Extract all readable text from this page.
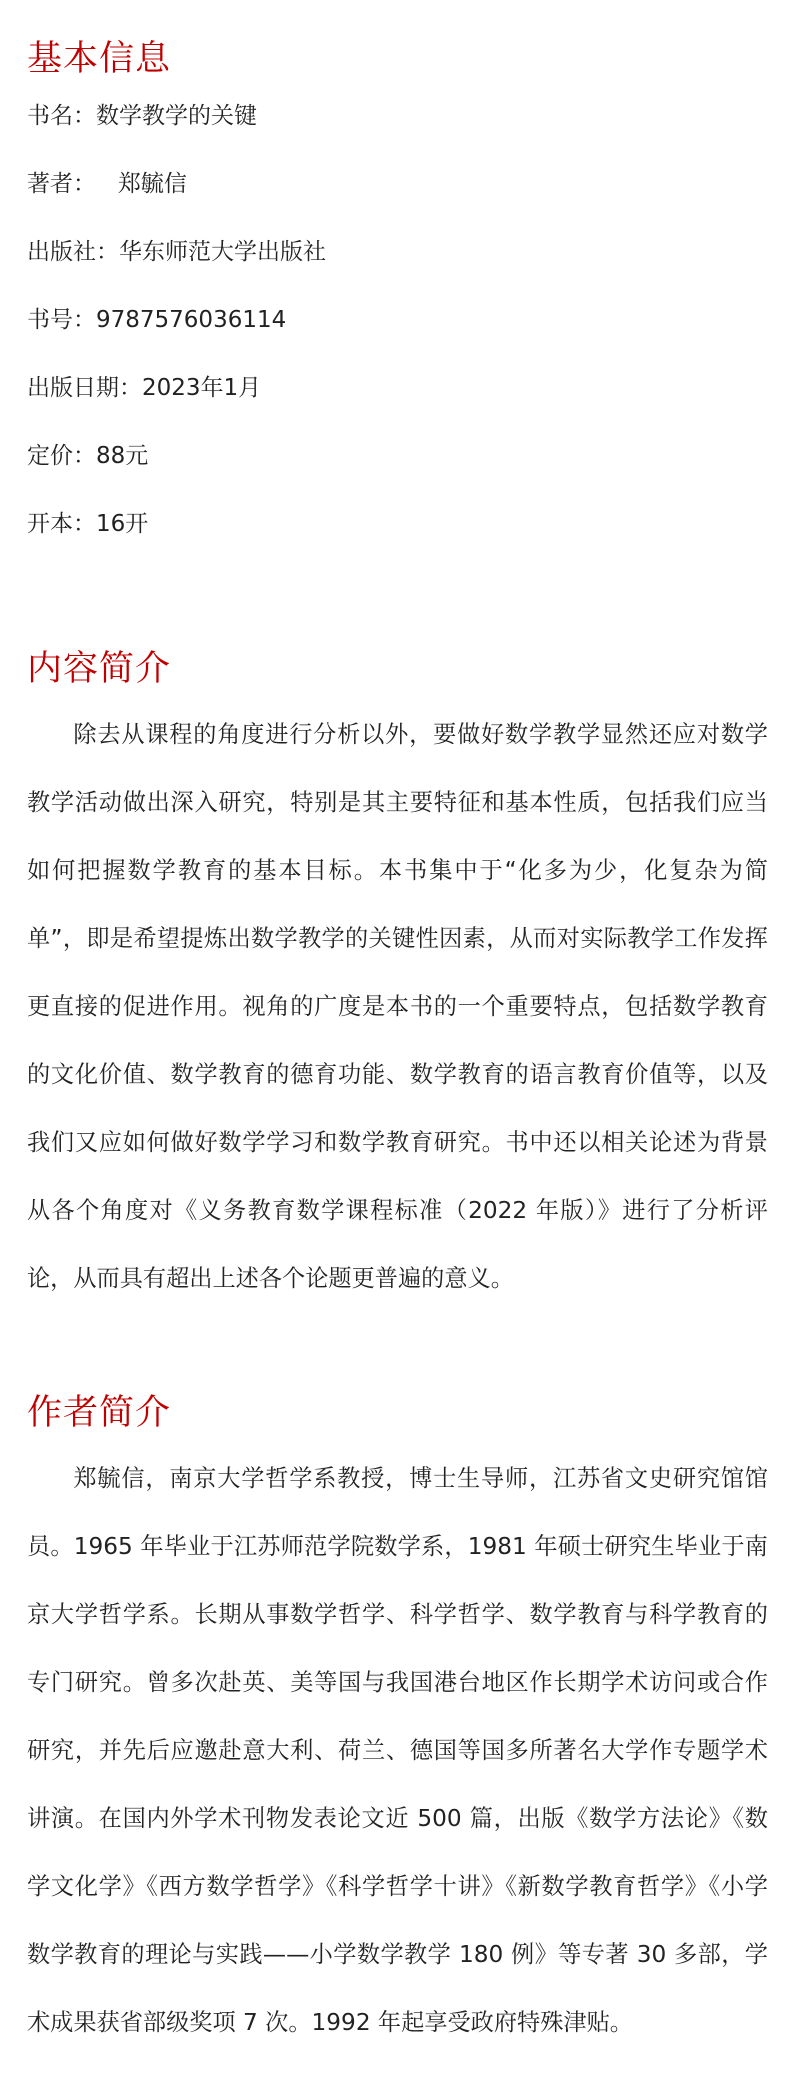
基本信息

书名：数学教学的关键

著者：   郑毓信

出版社：华东师范大学出版社

书号：9787576036114

出版日期：2023年1月

定价：88元

开本：16开

内容简介

除去从课程的角度进行分析以外，要做好数学教学显然还应对数学教学活动做出深入研究，特别是其主要特征和基本性质，包括我们应当如何把握数学教育的基本目标。本书集中于“化多为少，化复杂为简单”，即是希望提炼出数学教学的关键性因素，从而对实际教学工作发挥更直接的促进作用。视角的广度是本书的一个重要特点，包括数学教育的文化价值、数学教育的德育功能、数学教育的语言教育价值等，以及我们又应如何做好数学学习和数学教育研究。书中还以相关论述为背景从各个角度对《义务教育数学课程标准（2022 年版）》进行了分析评论，从而具有超出上述各个论题更普遍的意义。

作者简介

郑毓信，南京大学哲学系教授，博士生导师，江苏省文史研究馆馆员。1965 年毕业于江苏师范学院数学系，1981 年硕士研究生毕业于南京大学哲学系。长期从事数学哲学、科学哲学、数学教育与科学教育的专门研究。曾多次赴英、美等国与我国港台地区作长期学术访问或合作研究，并先后应邀赴意大利、荷兰、德国等国多所著名大学作专题学术讲演。在国内外学术刊物发表论文近 500 篇，出版《数学方法论》《数学文化学》《西方数学哲学》《科学哲学十讲》《新数学教育哲学》《小学数学教育的理论与实践——小学数学教学 180 例》等专著 30 多部，学术成果获省部级奖项 7 次。1992 年起享受政府特殊津贴。
